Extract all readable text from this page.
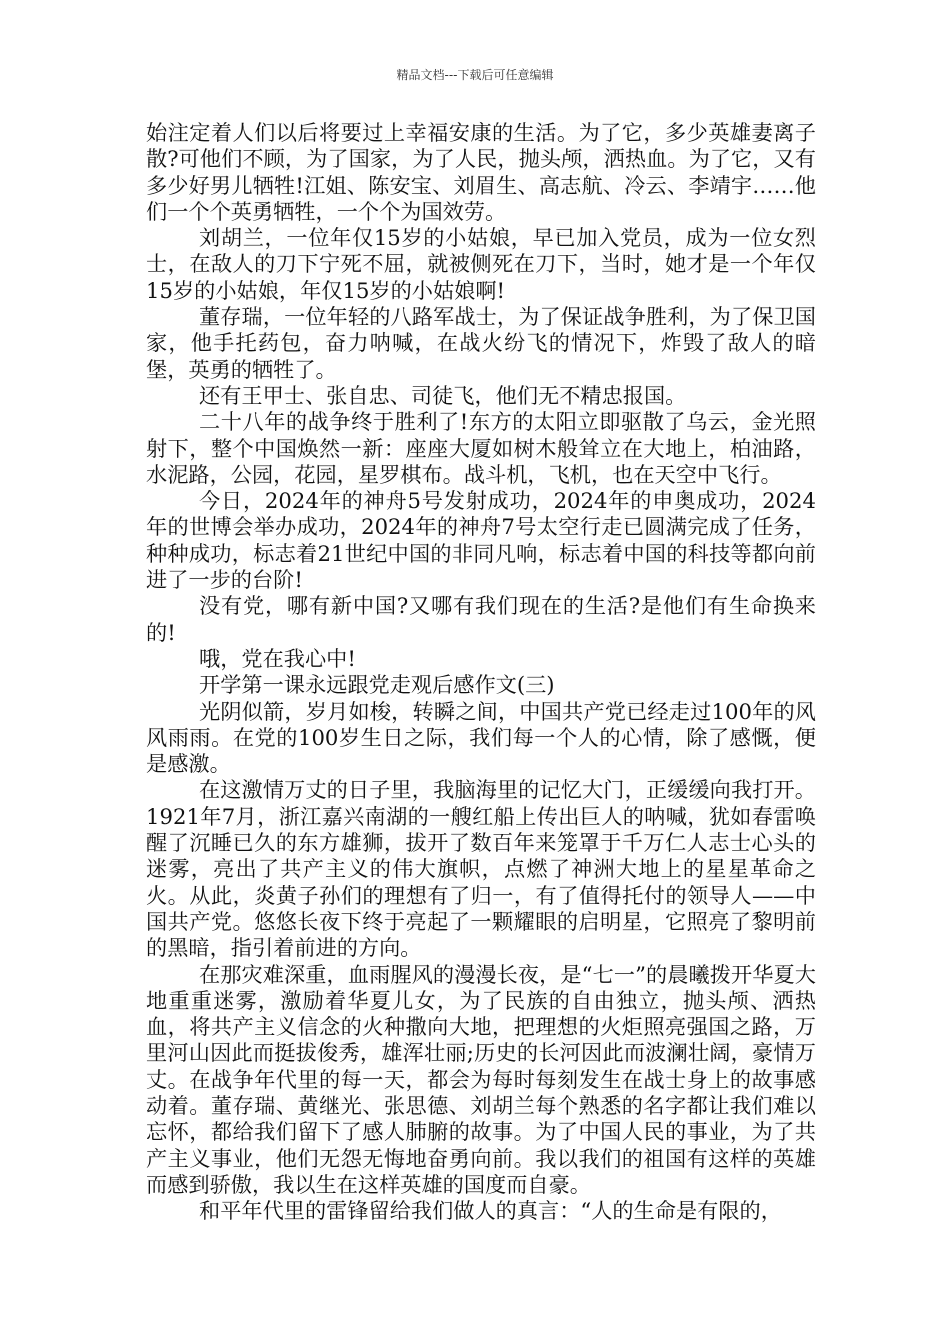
精品文档---下载后可任意编辑

始注定着人们以后将要过上幸福安康的生活。为了它，多少英雄妻离子散?可他们不顾，为了国家，为了人民，抛头颅，洒热血。为了它，又有多少好男儿牺牲!江姐、陈安宝、刘眉生、高志航、冷云、李靖宇……他们一个个英勇牺牲，一个个为国效劳。

刘胡兰，一位年仅15岁的小姑娘，早已加入党员，成为一位女烈士，在敌人的刀下宁死不屈，就被侧死在刀下，当时，她才是一个年仅15岁的小姑娘，年仅15岁的小姑娘啊!

董存瑞，一位年轻的八路军战士，为了保证战争胜利，为了保卫国家，他手托药包，奋力呐喊，在战火纷飞的情况下，炸毁了敌人的暗堡，英勇的牺牲了。

还有王甲士、张自忠、司徒飞，他们无不精忠报国。

二十八年的战争终于胜利了!东方的太阳立即驱散了乌云，金光照射下，整个中国焕然一新：座座大厦如树木般耸立在大地上，柏油路，水泥路，公园，花园，星罗棋布。战斗机，飞机，也在天空中飞行。

今日，2024年的神舟5号发射成功，2024年的申奥成功，2024年的世博会举办成功，2024年的神舟7号太空行走已圆满完成了任务，种种成功，标志着21世纪中国的非同凡响，标志着中国的科技等都向前进了一步的台阶!

没有党，哪有新中国?又哪有我们现在的生活?是他们有生命换来的!

哦，党在我心中!

开学第一课永远跟党走观后感作文(三)

光阴似箭，岁月如梭，转瞬之间，中国共产党已经走过100年的风风雨雨。在党的100岁生日之际，我们每一个人的心情，除了感慨，便是感激。

在这激情万丈的日子里，我脑海里的记忆大门，正缓缓向我打开。1921年7月，浙江嘉兴南湖的一艘红船上传出巨人的呐喊，犹如春雷唤醒了沉睡已久的东方雄狮，拔开了数百年来笼罩于千万仁人志士心头的迷雾，亮出了共产主义的伟大旗帜，点燃了神洲大地上的星星革命之火。从此，炎黄子孙们的理想有了归一，有了值得托付的领导人——中国共产党。悠悠长夜下终于亮起了一颗耀眼的启明星，它照亮了黎明前的黑暗，指引着前进的方向。

在那灾难深重，血雨腥风的漫漫长夜，是“七一”的晨曦拨开华夏大地重重迷雾，激励着华夏儿女，为了民族的自由独立，抛头颅、洒热血，将共产主义信念的火种撒向大地，把理想的火炬照亮强国之路，万里河山因此而挺拔俊秀，雄浑壮丽;历史的长河因此而波澜壮阔，豪情万丈。在战争年代里的每一天，都会为每时每刻发生在战士身上的故事感动着。董存瑞、黄继光、张思德、刘胡兰每个熟悉的名字都让我们难以忘怀，都给我们留下了感人肺腑的故事。为了中国人民的事业，为了共产主义事业，他们无怨无悔地奋勇向前。我以我们的祖国有这样的英雄而感到骄傲，我以生在这样英雄的国度而自豪。

和平年代里的雷锋留给我们做人的真言：“人的生命是有限的，
